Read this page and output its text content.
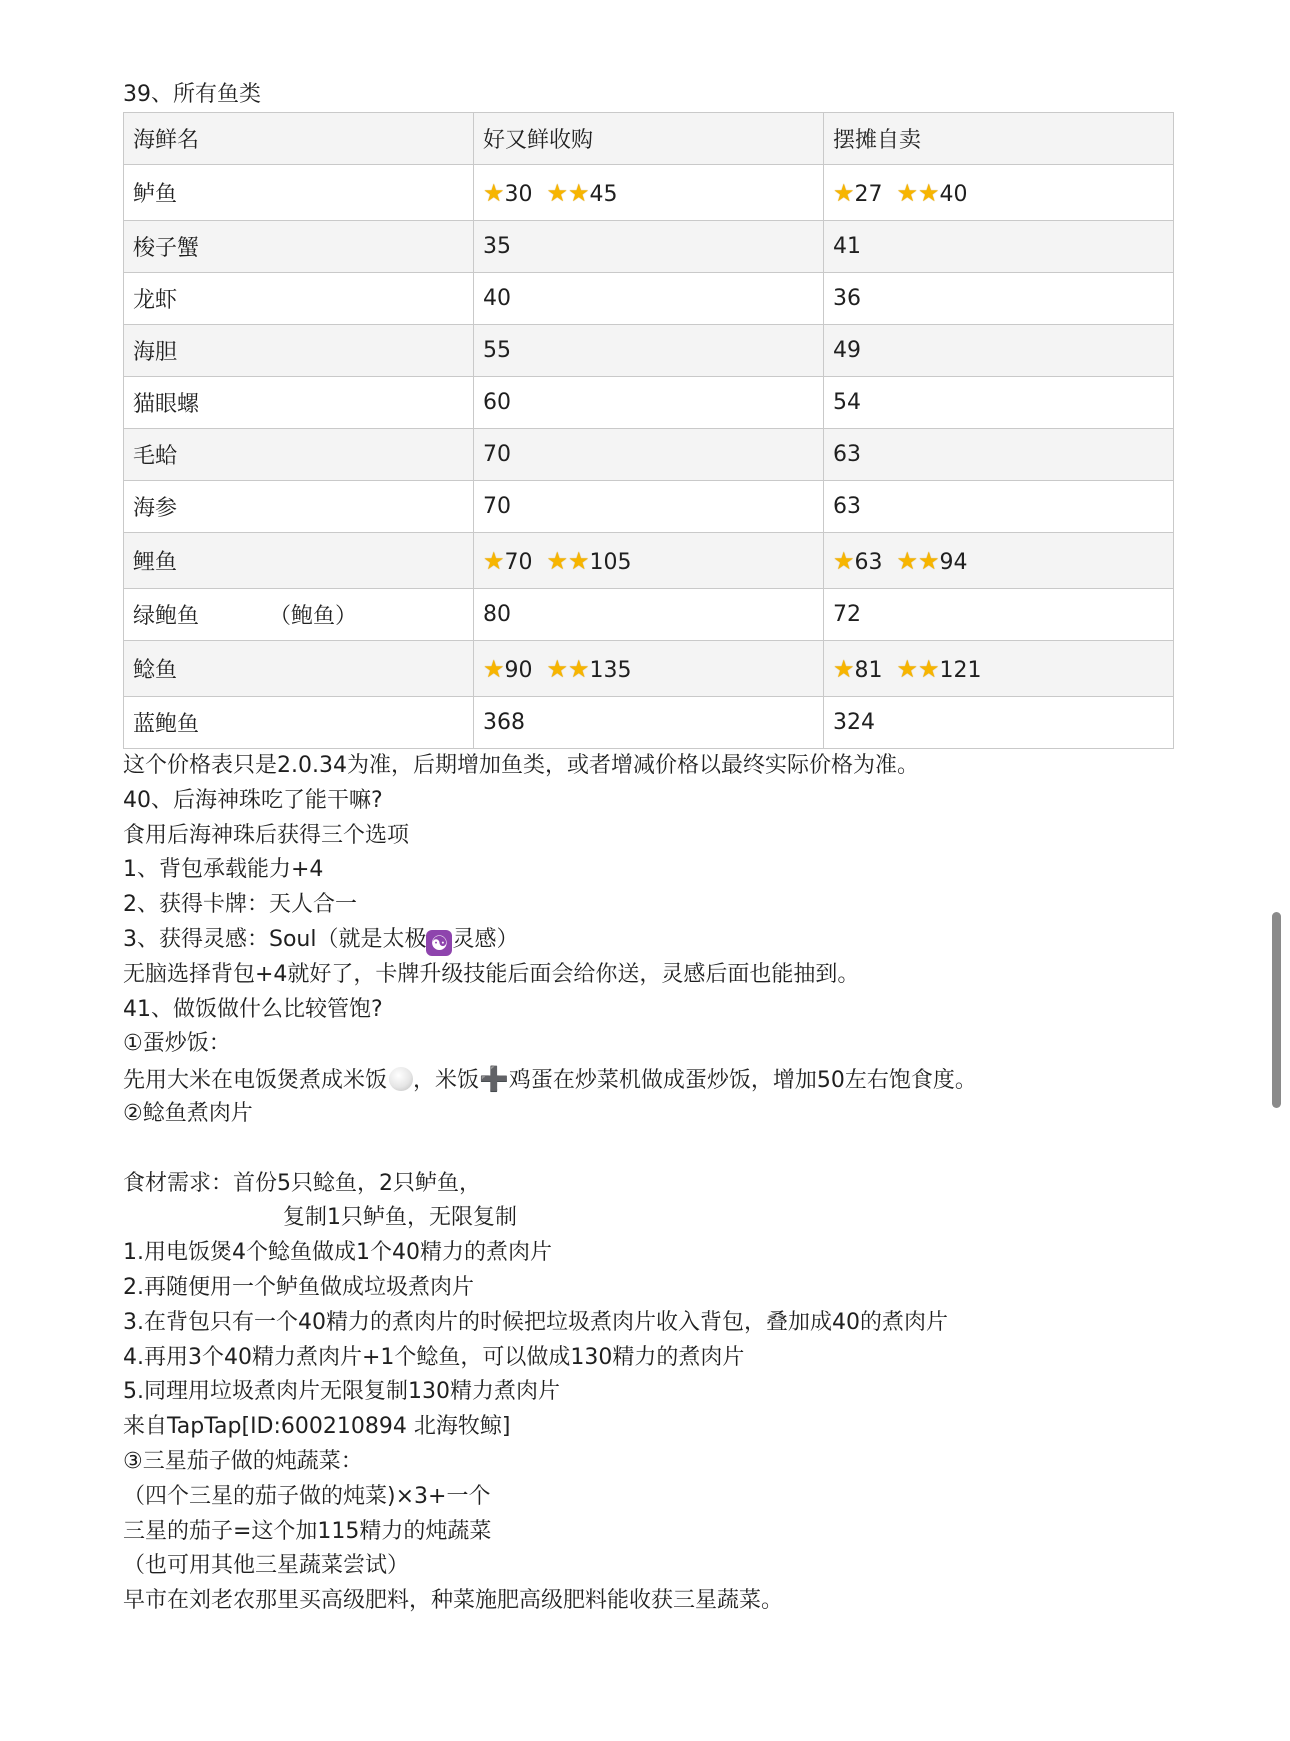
39、所有鱼类
海鲜名	好又鲜收购	摆摊自卖
鲈鱼	★30 ★★45	★27 ★★40
梭子蟹	35	41
龙虾	40	36
海胆	55	49
猫眼螺	60	54
毛蛤	70	63
海参	70	63
鲤鱼	★70 ★★105	★63 ★★94
绿鲍鱼 （鲍鱼）	80	72
鲶鱼	★90 ★★135	★81 ★★121
蓝鲍鱼	368	324
这个价格表只是2.0.34为准，后期增加鱼类，或者增减价格以最终实际价格为准。
40、后海神珠吃了能干嘛?
食用后海神珠后获得三个选项
1、背包承载能力+4
2、获得卡牌：天人合一
3、获得灵感：Soul（就是太极 ☯ 灵感）
无脑选择背包+4就好了，卡牌升级技能后面会给你送，灵感后面也能抽到。
41、做饭做什么比较管饱?
①蛋炒饭：
先用大米在电饭煲煮成米饭 ，米饭➕鸡蛋在炒菜机做成蛋炒饭，增加50左右饱食度。
②鲶鱼煮肉片
食材需求：首份5只鲶鱼，2只鲈鱼，
复制1只鲈鱼，无限复制
1.用电饭煲4个鲶鱼做成1个40精力的煮肉片
2.再随便用一个鲈鱼做成垃圾煮肉片
3.在背包只有一个40精力的煮肉片的时候把垃圾煮肉片收入背包，叠加成40的煮肉片
4.再用3个40精力煮肉片+1个鲶鱼，可以做成130精力的煮肉片
5.同理用垃圾煮肉片无限复制130精力煮肉片
来自TapTap[ID:600210894 北海牧鲸]
③三星茄子做的炖蔬菜：
（四个三星的茄子做的炖菜)×3+一个
三星的茄子=这个加115精力的炖蔬菜
（也可用其他三星蔬菜尝试）
早市在刘老农那里买高级肥料，种菜施肥高级肥料能收获三星蔬菜。
